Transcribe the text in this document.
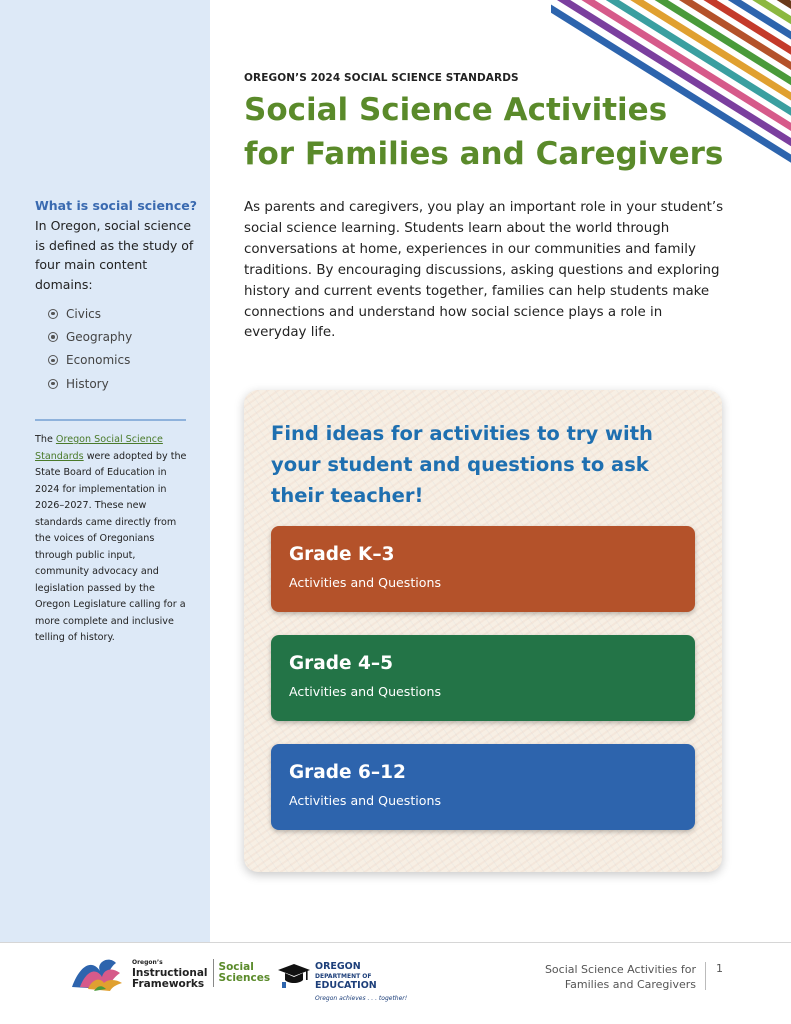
What is social science?
In Oregon, social science is defined as the study of four main content domains:
Civics
Geography
Economics
History
The Oregon Social Science Standards were adopted by the State Board of Education in 2024 for implementation in 2026–2027. These new standards came directly from the voices of Oregonians through public input, community advocacy and legislation passed by the Oregon Legislature calling for a more complete and inclusive telling of history.
OREGON’S 2024 SOCIAL SCIENCE STANDARDS
Social Science Activities for Families and Caregivers

As parents and caregivers, you play an important role in your student’s social science learning. Students learn about the world through conversations at home, experiences in our communities and family traditions. By encouraging discussions, asking questions and exploring history and current events together, families can help students make connections and understand how social science plays a role in everyday life.

Find ideas for activities to try with your student and questions to ask their teacher!
Grade K–3
Activities and Questions
Grade 4–5
Activities and Questions
Grade 6–12
Activities and Questions
Oregon’s
Instructional
Frameworks
Social
Sciences
OREGON
DEPARTMENT OF
EDUCATION
Oregon achieves . . . together!
Social Science Activities for
Families and Caregivers
1
